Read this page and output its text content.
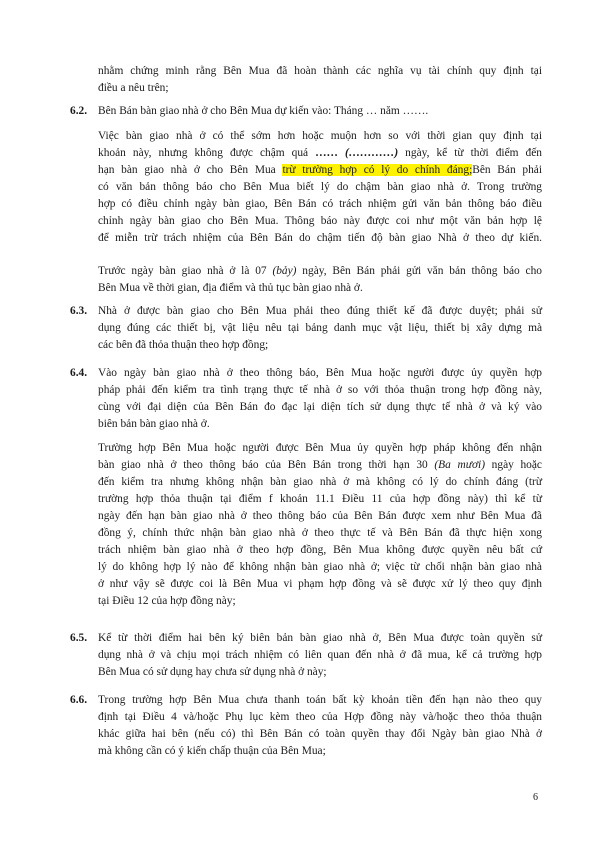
nhằm chứng minh rằng Bên Mua đã hoàn thành các nghĩa vụ tài chính quy định tại
điều a nêu trên;
6.2. Bên Bán bàn giao nhà ở cho Bên Mua dự kiến vào: Tháng … năm …….
Việc bàn giao nhà ở có thể sớm hơn hoặc muộn hơn so với thời gian quy định tại
khoản này, nhưng không được chậm quá …… (…………) ngày, kể từ thời điểm đến
hạn bàn giao nhà ở cho Bên Mua trừ trường hợp có lý do chính đáng;Bên Bán phải
có văn bản thông báo cho Bên Mua biết lý do chậm bàn giao nhà ở. Trong trường
hợp có điều chỉnh ngày bàn giao, Bên Bán có trách nhiệm gửi văn bản thông báo điều
chỉnh ngày bàn giao cho Bên Mua. Thông báo này được coi như một văn bản hợp lệ
để miễn trừ trách nhiệm của Bên Bán do chậm tiến độ bàn giao Nhà ở theo dự kiến.
Trước ngày bàn giao nhà ở là 07 (bảy) ngày, Bên Bán phải gửi văn bản thông báo cho
Bên Mua về thời gian, địa điểm và thủ tục bàn giao nhà ở.
6.3. Nhà ở được bàn giao cho Bên Mua phải theo đúng thiết kế đã được duyệt; phải sử
dụng đúng các thiết bị, vật liệu nêu tại bảng danh mục vật liệu, thiết bị xây dựng mà
các bên đã thỏa thuận theo hợp đồng;
6.4. Vào ngày bàn giao nhà ở theo thông báo, Bên Mua hoặc người được ủy quyền hợp
pháp phải đến kiểm tra tình trạng thực tế nhà ở so với thỏa thuận trong hợp đồng này,
cùng với đại diện của Bên Bán đo đạc lại diện tích sử dụng thực tế nhà ở và ký vào
biên bản bàn giao nhà ở.
Trường hợp Bên Mua hoặc người được Bên Mua ủy quyền hợp pháp không đến nhận
bàn giao nhà ở theo thông báo của Bên Bán trong thời hạn 30 (Ba mươi) ngày hoặc
đến kiểm tra nhưng không nhận bàn giao nhà ở mà không có lý do chính đáng (trừ
trường hợp thỏa thuận tại điểm f khoản 11.1 Điều 11 của hợp đồng này) thì kể từ
ngày đến hạn bàn giao nhà ở theo thông báo của Bên Bán được xem như Bên Mua đã
đồng ý, chính thức nhận bàn giao nhà ở theo thực tế và Bên Bán đã thực hiện xong
trách nhiệm bàn giao nhà ở theo hợp đồng, Bên Mua không được quyền nêu bất cứ
lý do không hợp lý nào để không nhận bàn giao nhà ở; việc từ chối nhận bàn giao nhà
ở như vậy sẽ được coi là Bên Mua vi phạm hợp đồng và sẽ được xử lý theo quy định
tại Điều 12 của hợp đồng này;
6.5. Kể từ thời điểm hai bên ký biên bản bàn giao nhà ở, Bên Mua được toàn quyền sử
dụng nhà ở và chịu mọi trách nhiệm có liên quan đến nhà ở đã mua, kể cả trường hợp
Bên Mua có sử dụng hay chưa sử dụng nhà ở này;
6.6. Trong trường hợp Bên Mua chưa thanh toán bất kỳ khoản tiền đến hạn nào theo quy
định tại Điều 4 và/hoặc Phụ lục kèm theo của Hợp đồng này và/hoặc theo thỏa thuận
khác giữa hai bên (nếu có) thì Bên Bán có toàn quyền thay đổi Ngày bàn giao Nhà ở
mà không cần có ý kiến chấp thuận của Bên Mua;
6
